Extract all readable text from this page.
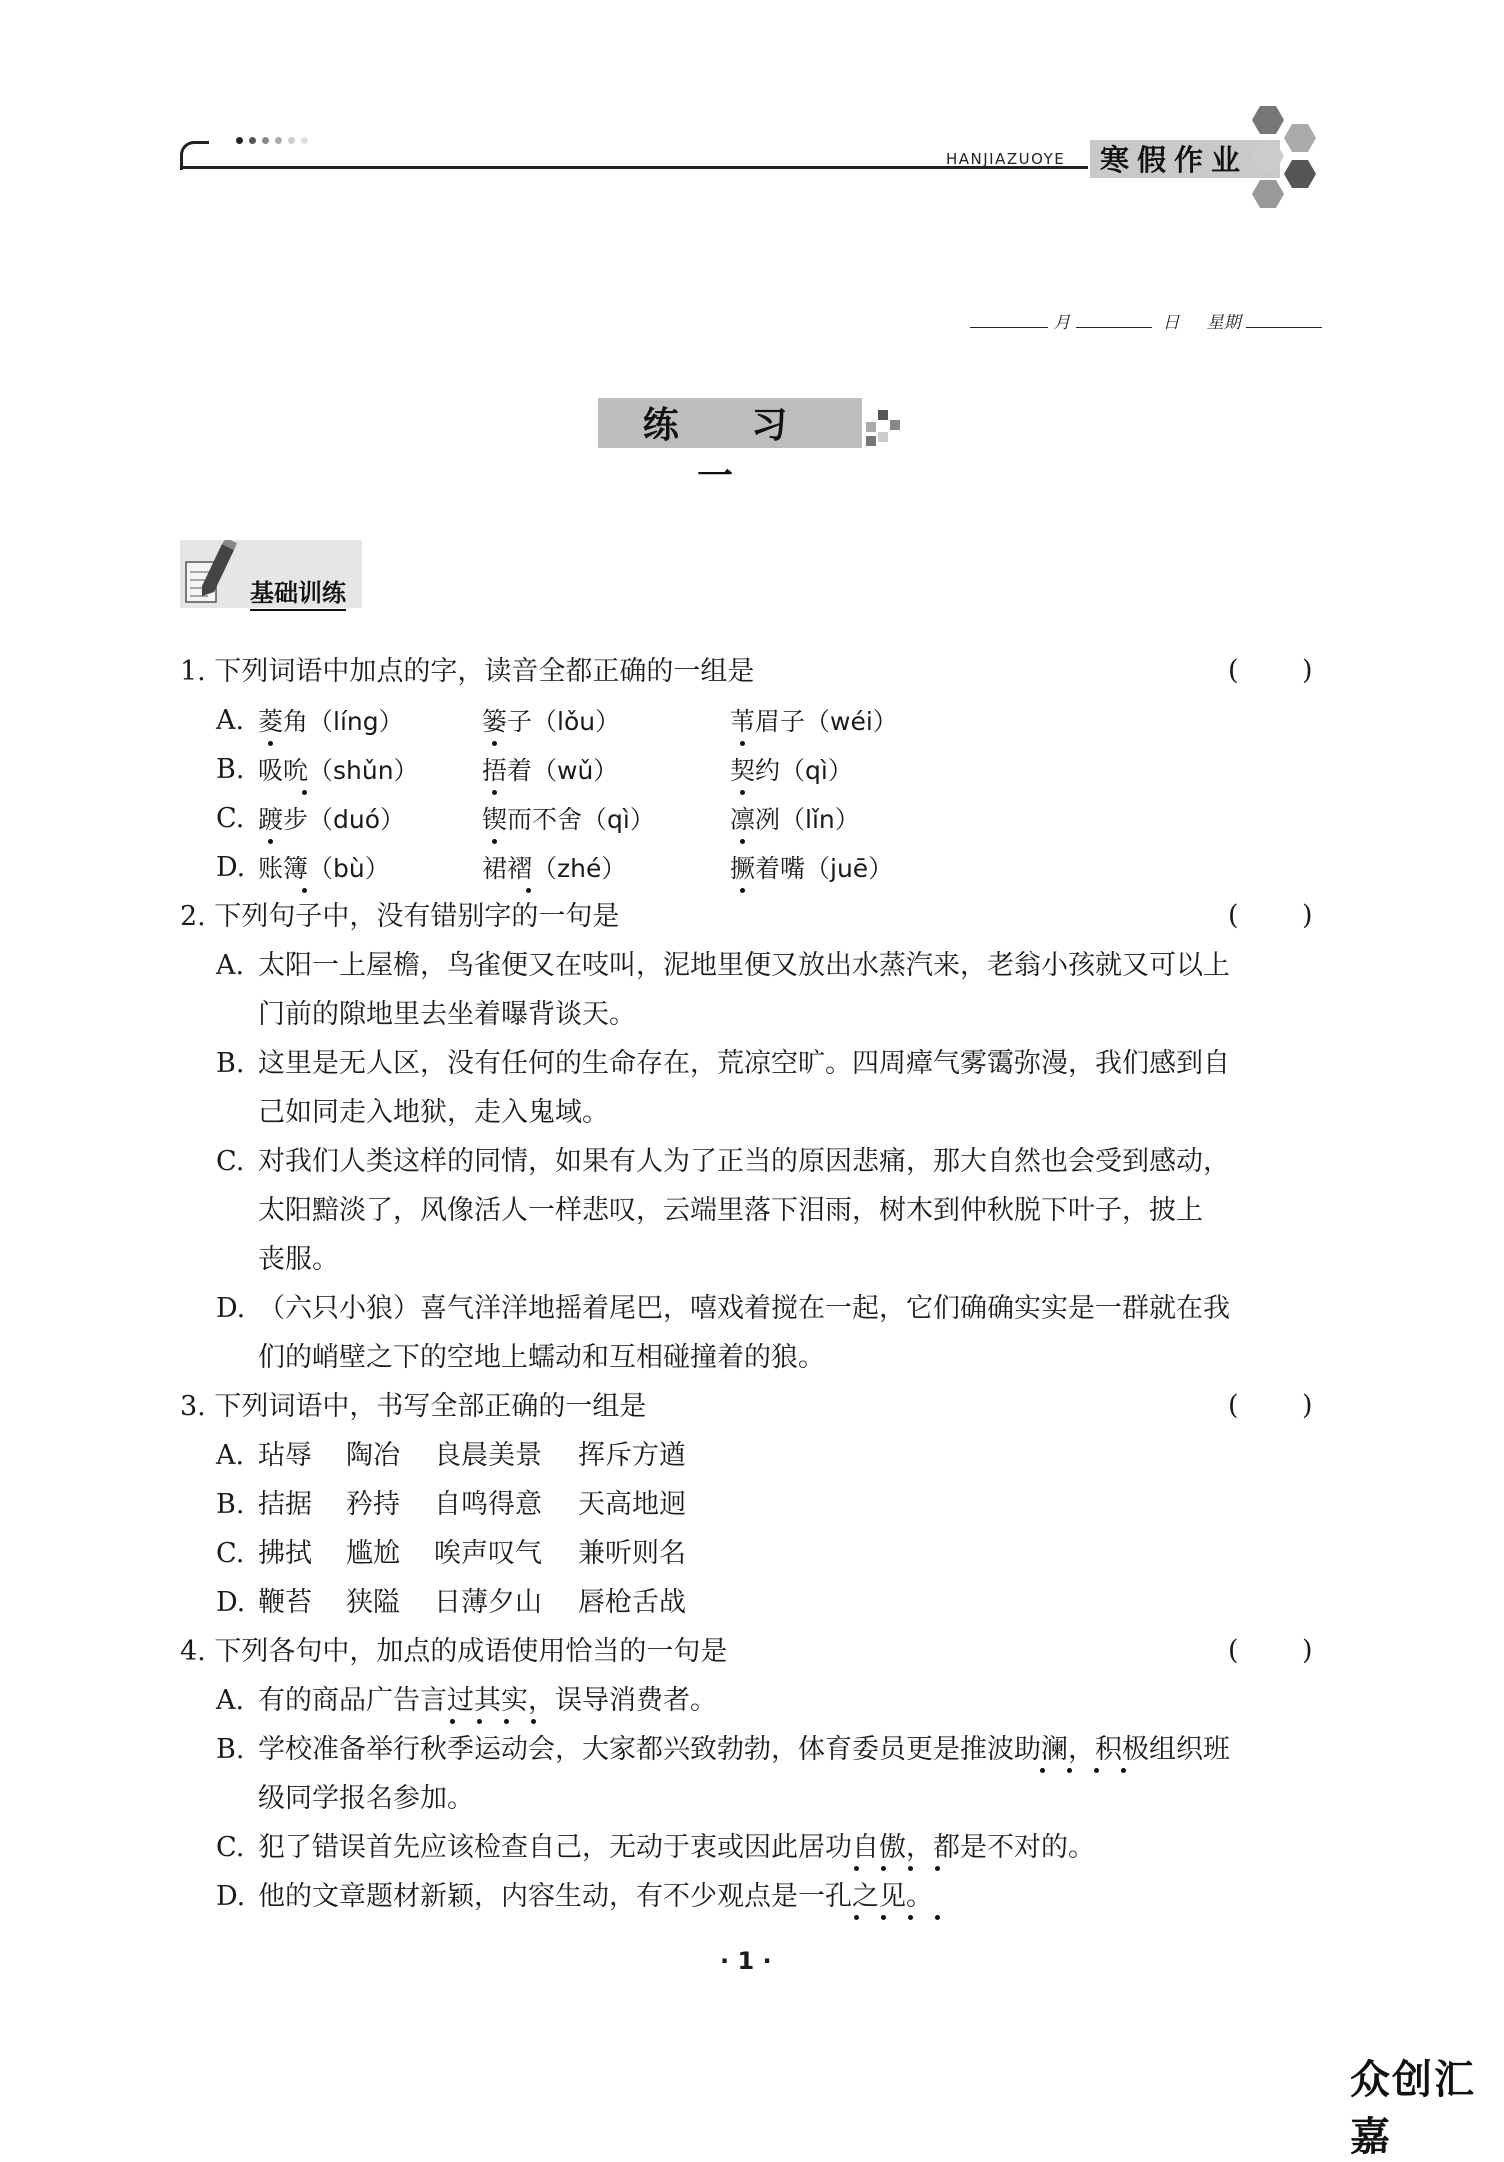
HANJIAZUOYE 寒假作业
月	日 星期
练 习 一
基础训练
1. 下列词语中加点的字，读音全都正确的一组是	( )
A. 菱角（líng）	篓子（lǒu）	苇眉子（wéi）
B. 吸吮（shǔn）	捂着（wǔ）	契约（qì）
C. 踱步（duó）	锲而不舍（qì）	凛冽（lǐn）
D. 账簿（bù）	裙褶（zhé）	撅着嘴（juē）
2. 下列句子中，没有错别字的一句是	( )
A. 太阳一上屋檐，鸟雀便又在吱叫，泥地里便又放出水蒸汽来，老翁小孩就又可以上
门前的隙地里去坐着曝背谈天。
B. 这里是无人区，没有任何的生命存在，荒凉空旷。四周瘴气雾霭弥漫，我们感到自
己如同走入地狱，走入鬼域。
C. 对我们人类这样的同情，如果有人为了正当的原因悲痛，那大自然也会受到感动，
太阳黯淡了，风像活人一样悲叹，云端里落下泪雨，树木到仲秋脱下叶子，披上
丧服。
D. （六只小狼）喜气洋洋地摇着尾巴，嘻戏着搅在一起，它们确确实实是一群就在我
们的峭壁之下的空地上蠕动和互相碰撞着的狼。
3. 下列词语中，书写全部正确的一组是	( )
A. 玷辱 陶冶 良晨美景 挥斥方遒
B. 拮据 矜持 自鸣得意 天高地迥
C. 拂拭 尴尬 唉声叹气 兼听则名
D. 鞭苔 狭隘 日薄夕山 唇枪舌战
4. 下列各句中，加点的成语使用恰当的一句是	( )
A. 有的商品广告言过其实，误导消费者。
B. 学校准备举行秋季运动会，大家都兴致勃勃，体育委员更是推波助澜，积极组织班
级同学报名参加。
C. 犯了错误首先应该检查自己，无动于衷或因此居功自傲，都是不对的。
D. 他的文章题材新颖，内容生动，有不少观点是一孔之见。
· 1 ·
众创汇嘉
